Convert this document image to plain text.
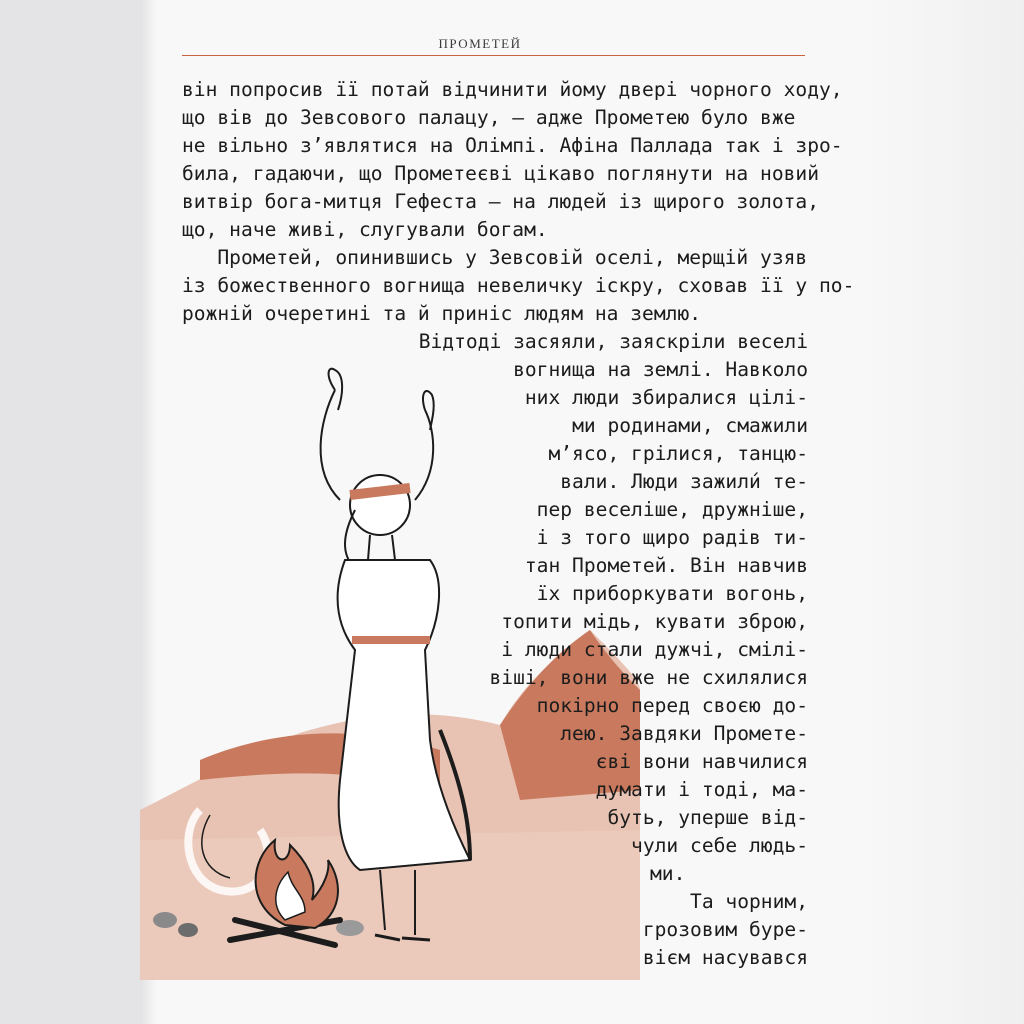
ПРОМЕТЕЙ
він попросив її потай відчинити йому двері чорного ходу,
що вів до Зевсового палацу, — адже Прометею було вже
не вільно з’являтися на Олімпі. Афіна Паллада так і зро-
била, гадаючи, що Прометеєві цікаво поглянути на новий
витвір бога-митця Гефеста — на людей із щирого золота,
що, наче живі, слугували богам.
Прометей, опинившись у Зевсовій оселі, мерщій узяв
із божественного вогнища невеличку іскру, сховав її у по-
рожній очеретині та й приніс людям на землю.
Відтоді засяяли, заяскріли веселі
вогнища на землі. Навколо
них люди збиралися цілі-
ми родинами, смажили
м’ясо, грілися, танцю-
вали. Люди зажили́ те-
пер веселіше, дружніше,
і з того щиро радів ти-
тан Прометей. Він навчив
їх приборкувати вогонь,
топити мідь, кувати зброю,
і люди стали дужчі, смілі-
віші, вони вже не схилялися
покірно перед своєю до-
лею. Завдяки Промете-
єві вони навчилися
думати і тоді, ма-
буть, уперше від-
чули себе людь-
ми.
Та чорним,
грозовим буре-
вієм насувався
